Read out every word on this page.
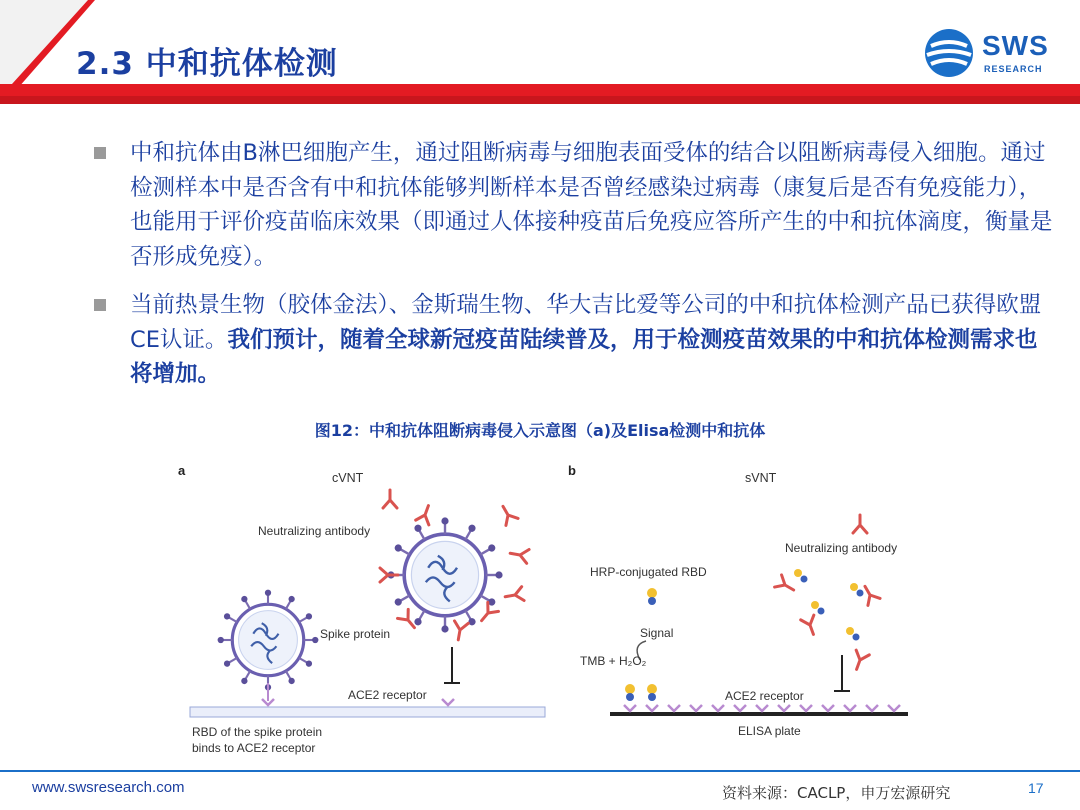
2.3 中和抗体检测
SWS
RESEARCH
中和抗体由B淋巴细胞产生，通过阻断病毒与细胞表面受体的结合以阻断病毒侵入细胞。通过检测样本中是否含有中和抗体能够判断样本是否曾经感染过病毒（康复后是否有免疫能力），也能用于评价疫苗临床效果（即通过人体接种疫苗后免疫应答所产生的中和抗体滴度，衡量是否形成免疫）。
当前热景生物（胶体金法）、金斯瑞生物、华大吉比爱等公司的中和抗体检测产品已获得欧盟CE认证。我们预计，随着全球新冠疫苗陆续普及，用于检测疫苗效果的中和抗体检测需求也将增加。
图12：中和抗体阻断病毒侵入示意图（a)及Elisa检测中和抗体
a	cVNT
Neutralizing antibody
Spike protein
ACE2 receptor
RBD of the spike protein
binds to ACE2 receptor
b	sVNT
Neutralizing antibody
HRP-conjugated RBD
Signal
TMB + H₂O₂
ACE2 receptor
ELISA plate
www.swsresearch.com	资料来源：CACLP，申万宏源研究	17
